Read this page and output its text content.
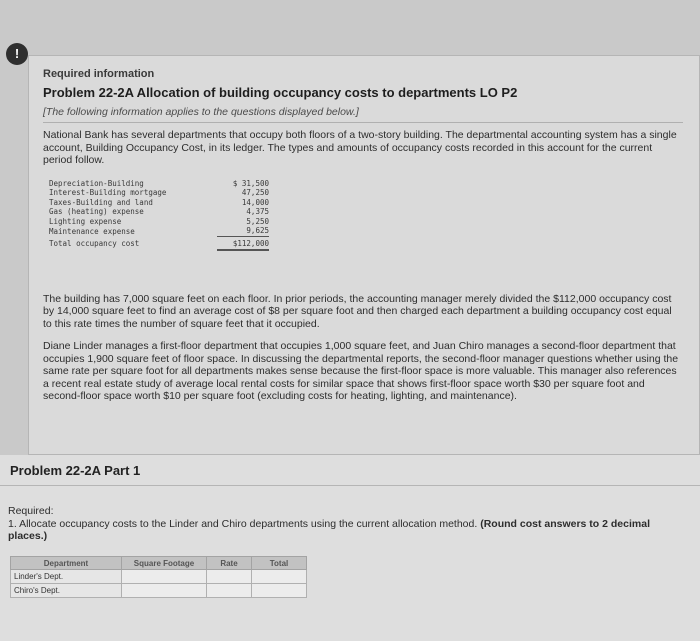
!
Required information
Problem 22-2A Allocation of building occupancy costs to departments LO P2
[The following information applies to the questions displayed below.]
National Bank has several departments that occupy both floors of a two-story building. The departmental accounting system has a single account, Building Occupancy Cost, in its ledger. The types and amounts of occupancy costs recorded in this account for the current period follow.
Depreciation-Building	$ 31,500
Interest-Building mortgage	47,250
Taxes-Building and land	14,000
Gas (heating) expense	4,375
Lighting expense	5,250
Maintenance expense	9,625
Total occupancy cost	$112,000
The building has 7,000 square feet on each floor. In prior periods, the accounting manager merely divided the $112,000 occupancy cost by 14,000 square feet to find an average cost of $8 per square foot and then charged each department a building occupancy cost equal to this rate times the number of square feet that it occupied.
Diane Linder manages a first-floor department that occupies 1,000 square feet, and Juan Chiro manages a second-floor department that occupies 1,900 square feet of floor space. In discussing the departmental reports, the second-floor manager questions whether using the same rate per square foot for all departments makes sense because the first-floor space is more valuable. This manager also references a recent real estate study of average local rental costs for similar space that shows first-floor space worth $30 per square foot and second-floor space worth $10 per square foot (excluding costs for heating, lighting, and maintenance).
Problem 22-2A Part 1
Required:
1. Allocate occupancy costs to the Linder and Chiro departments using the current allocation method. (Round cost answers to 2 decimal places.)
Department	Square Footage	Rate	Total
Linder's Dept.			
Chiro's Dept.			
